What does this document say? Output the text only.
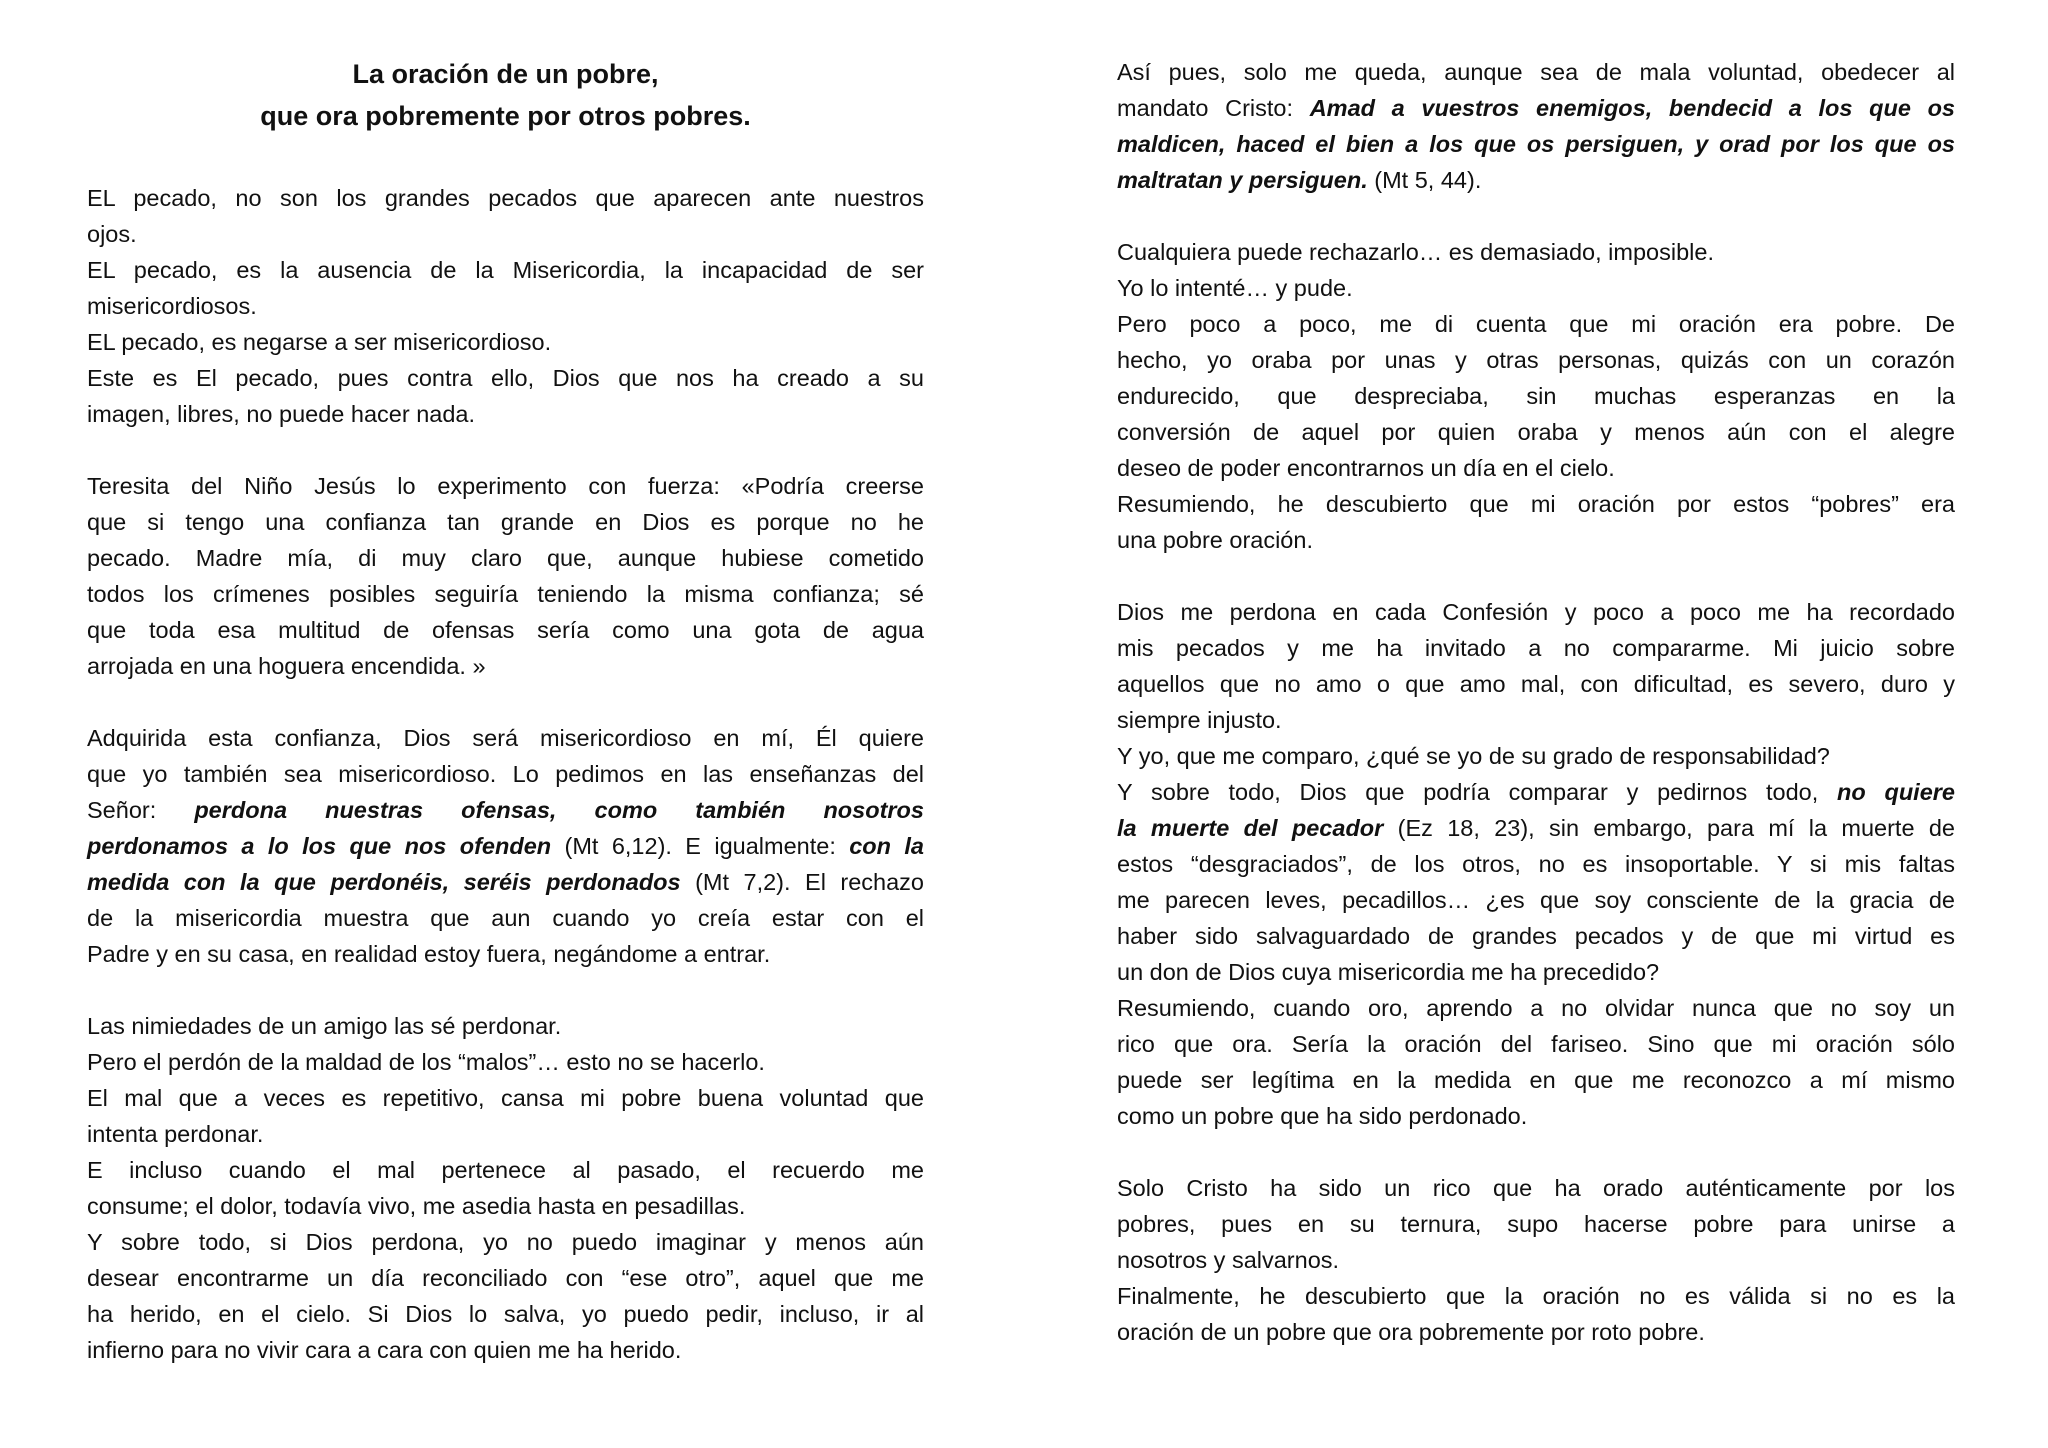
La oración de un pobre,
que ora pobremente por otros pobres.
EL pecado, no son los grandes pecados que aparecen ante nuestros
ojos.
EL pecado, es la ausencia de la Misericordia, la incapacidad de ser
misericordiosos.
EL pecado, es negarse a ser misericordioso.
Este es El pecado, pues contra ello, Dios que nos ha creado a su
imagen, libres, no puede hacer nada.
Teresita del Niño Jesús lo experimento con fuerza: «Podría creerse
que si tengo una confianza tan grande en Dios es porque no he
pecado. Madre mía, di muy claro que, aunque hubiese cometido
todos los crímenes posibles seguiría teniendo la misma confianza; sé
que toda esa multitud de ofensas sería como una gota de agua
arrojada en una hoguera encendida. »
Adquirida esta confianza, Dios será misericordioso en mí, Él quiere
que yo también sea misericordioso. Lo pedimos en las enseñanzas del
Señor: perdona nuestras ofensas, como también nosotros
perdonamos a lo los que nos ofenden (Mt 6,12). E igualmente: con la
medida con la que perdonéis, seréis perdonados (Mt 7,2). El rechazo
de la misericordia muestra que aun cuando yo creía estar con el
Padre y en su casa, en realidad estoy fuera, negándome a entrar.
Las nimiedades de un amigo las sé perdonar.
Pero el perdón de la maldad de los “malos”… esto no se hacerlo.
El mal que a veces es repetitivo, cansa mi pobre buena voluntad que
intenta perdonar.
E incluso cuando el mal pertenece al pasado, el recuerdo me
consume; el dolor, todavía vivo, me asedia hasta en pesadillas.
Y sobre todo, si Dios perdona, yo no puedo imaginar y menos aún
desear encontrarme un día reconciliado con “ese otro”, aquel que me
ha herido, en el cielo. Si Dios lo salva, yo puedo pedir, incluso, ir al
infierno para no vivir cara a cara con quien me ha herido.
Así pues, solo me queda, aunque sea de mala voluntad, obedecer al
mandato Cristo: Amad a vuestros enemigos, bendecid a los que os
maldicen, haced el bien a los que os persiguen, y orad por los que os
maltratan y persiguen. (Mt 5, 44).
Cualquiera puede rechazarlo… es demasiado, imposible.
Yo lo intenté… y pude.
Pero poco a poco, me di cuenta que mi oración era pobre. De
hecho, yo oraba por unas y otras personas, quizás con un corazón
endurecido, que despreciaba, sin muchas esperanzas en la
conversión de aquel por quien oraba y menos aún con el alegre
deseo de poder encontrarnos un día en el cielo.
Resumiendo, he descubierto que mi oración por estos “pobres” era
una pobre oración.
Dios me perdona en cada Confesión y poco a poco me ha recordado
mis pecados y me ha invitado a no compararme. Mi juicio sobre
aquellos que no amo o que amo mal, con dificultad, es severo, duro y
siempre injusto.
Y yo, que me comparo, ¿qué se yo de su grado de responsabilidad?
Y sobre todo, Dios que podría comparar y pedirnos todo, no quiere
la muerte del pecador (Ez 18, 23), sin embargo, para mí la muerte de
estos “desgraciados”, de los otros, no es insoportable. Y si mis faltas
me parecen leves, pecadillos… ¿es que soy consciente de la gracia de
haber sido salvaguardado de grandes pecados y de que mi virtud es
un don de Dios cuya misericordia me ha precedido?
Resumiendo, cuando oro, aprendo a no olvidar nunca que no soy un
rico que ora. Sería la oración del fariseo. Sino que mi oración sólo
puede ser legítima en la medida en que me reconozco a mí mismo
como un pobre que ha sido perdonado.
Solo Cristo ha sido un rico que ha orado auténticamente por los
pobres, pues en su ternura, supo hacerse pobre para unirse a
nosotros y salvarnos.
Finalmente, he descubierto que la oración no es válida si no es la
oración de un pobre que ora pobremente por roto pobre.
